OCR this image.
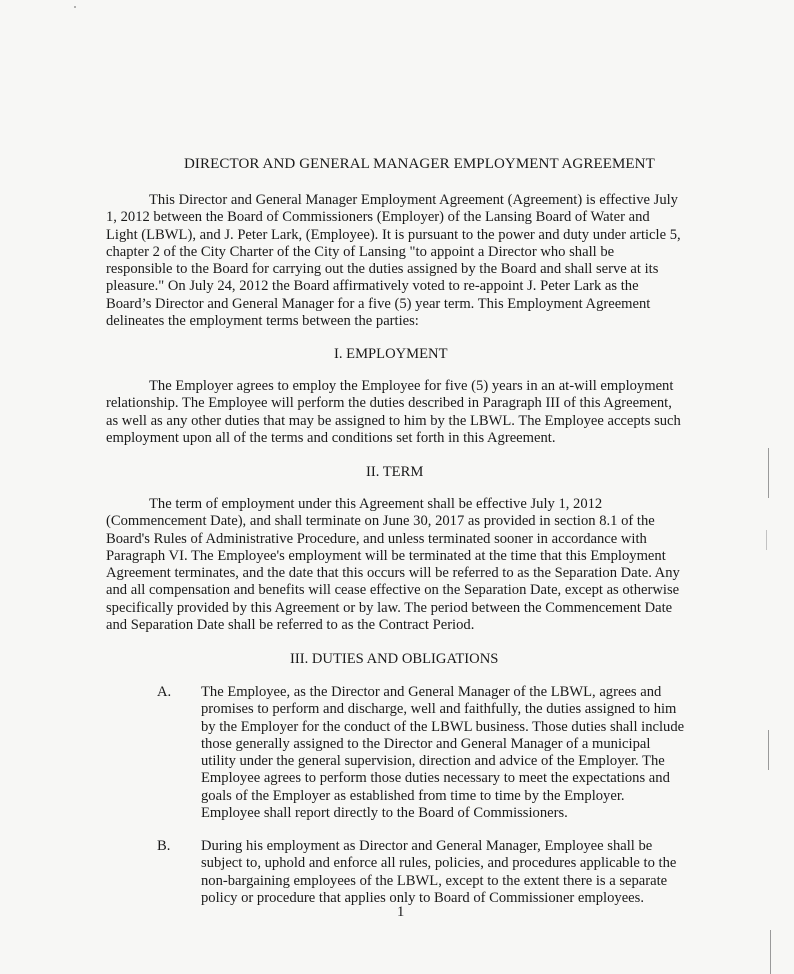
DIRECTOR AND GENERAL MANAGER EMPLOYMENT AGREEMENT
This Director and General Manager Employment Agreement (Agreement) is effective July 1, 2012 between the Board of Commissioners (Employer) of the Lansing Board of Water and Light (LBWL), and J. Peter Lark, (Employee). It is pursuant to the power and duty under article 5, chapter 2 of the City Charter of the City of Lansing "to appoint a Director who shall be responsible to the Board for carrying out the duties assigned by the Board and shall serve at its pleasure." On July 24, 2012 the Board affirmatively voted to re-appoint J. Peter Lark as the Board’s Director and General Manager for a five (5) year term. This Employment Agreement delineates the employment terms between the parties:
I. EMPLOYMENT
The Employer agrees to employ the Employee for five (5) years in an at-will employment relationship. The Employee will perform the duties described in Paragraph III of this Agreement, as well as any other duties that may be assigned to him by the LBWL. The Employee accepts such employment upon all of the terms and conditions set forth in this Agreement.
II. TERM
The term of employment under this Agreement shall be effective July 1, 2012 (Commencement Date), and shall terminate on June 30, 2017 as provided in section 8.1 of the Board's Rules of Administrative Procedure, and unless terminated sooner in accordance with Paragraph VI. The Employee's employment will be terminated at the time that this Employment Agreement terminates, and the date that this occurs will be referred to as the Separation Date. Any and all compensation and benefits will cease effective on the Separation Date, except as otherwise specifically provided by this Agreement or by law. The period between the Commencement Date and Separation Date shall be referred to as the Contract Period.
III. DUTIES AND OBLIGATIONS
A. The Employee, as the Director and General Manager of the LBWL, agrees and promises to perform and discharge, well and faithfully, the duties assigned to him by the Employer for the conduct of the LBWL business. Those duties shall include those generally assigned to the Director and General Manager of a municipal utility under the general supervision, direction and advice of the Employer. The Employee agrees to perform those duties necessary to meet the expectations and goals of the Employer as established from time to time by the Employer. Employee shall report directly to the Board of Commissioners.
B. During his employment as Director and General Manager, Employee shall be subject to, uphold and enforce all rules, policies, and procedures applicable to the non-bargaining employees of the LBWL, except to the extent there is a separate policy or procedure that applies only to Board of Commissioner employees.
1
